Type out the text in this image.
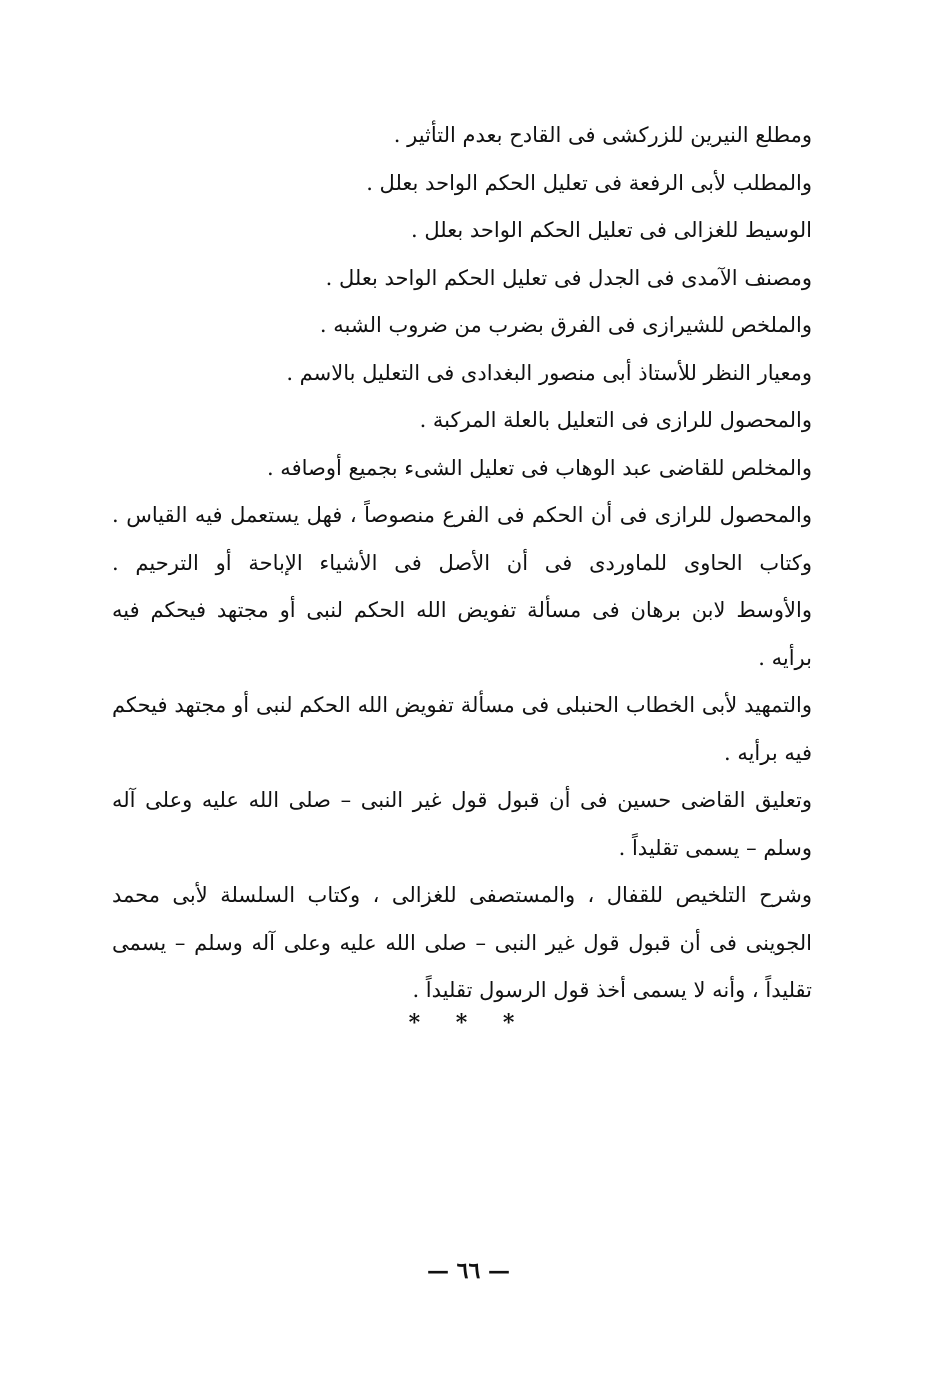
ومطلع النيرين للزركشى فى القادح بعدم التأثير .
والمطلب لأبى الرفعة فى تعليل الحكم الواحد بعلل .
الوسيط للغزالى فى تعليل الحكم الواحد بعلل .
ومصنف الآمدى فى الجدل فى تعليل الحكم الواحد بعلل .
والملخص للشيرازى فى الفرق بضرب من ضروب الشبه .
ومعيار النظر للأستاذ أبى منصور البغدادى فى التعليل بالاسم .
والمحصول للرازى فى التعليل بالعلة المركبة .
والمخلص للقاضى عبد الوهاب فى تعليل الشىء بجميع أوصافه .
والمحصول للرازى فى أن الحكم فى الفرع منصوصاً ، فهل يستعمل فيه القياس .
وكتاب الحاوى للماوردى فى أن الأصل فى الأشياء الإباحة أو الترحيم .
والأوسط لابن برهان فى مسألة تفويض الله الحكم لنبى أو مجتهد فيحكم فيه
برأيه .
والتمهيد لأبى الخطاب الحنبلى فى مسألة تفويض الله الحكم لنبى أو مجتهد فيحكم
فيه برأيه .
وتعليق القاضى حسين فى أن قبول قول غير النبى – صلى الله عليه وعلى آله
وسلم – يسمى تقليداً .
وشرح التلخيص للقفال ، والمستصفى للغزالى ، وكتاب السلسلة لأبى محمد
الجوينى فى أن قبول قول غير النبى – صلى الله عليه وعلى آله وسلم – يسمى
تقليداً ، وأنه لا يسمى أخذ قول الرسول تقليداً .
* * *
— ٦٦ —
